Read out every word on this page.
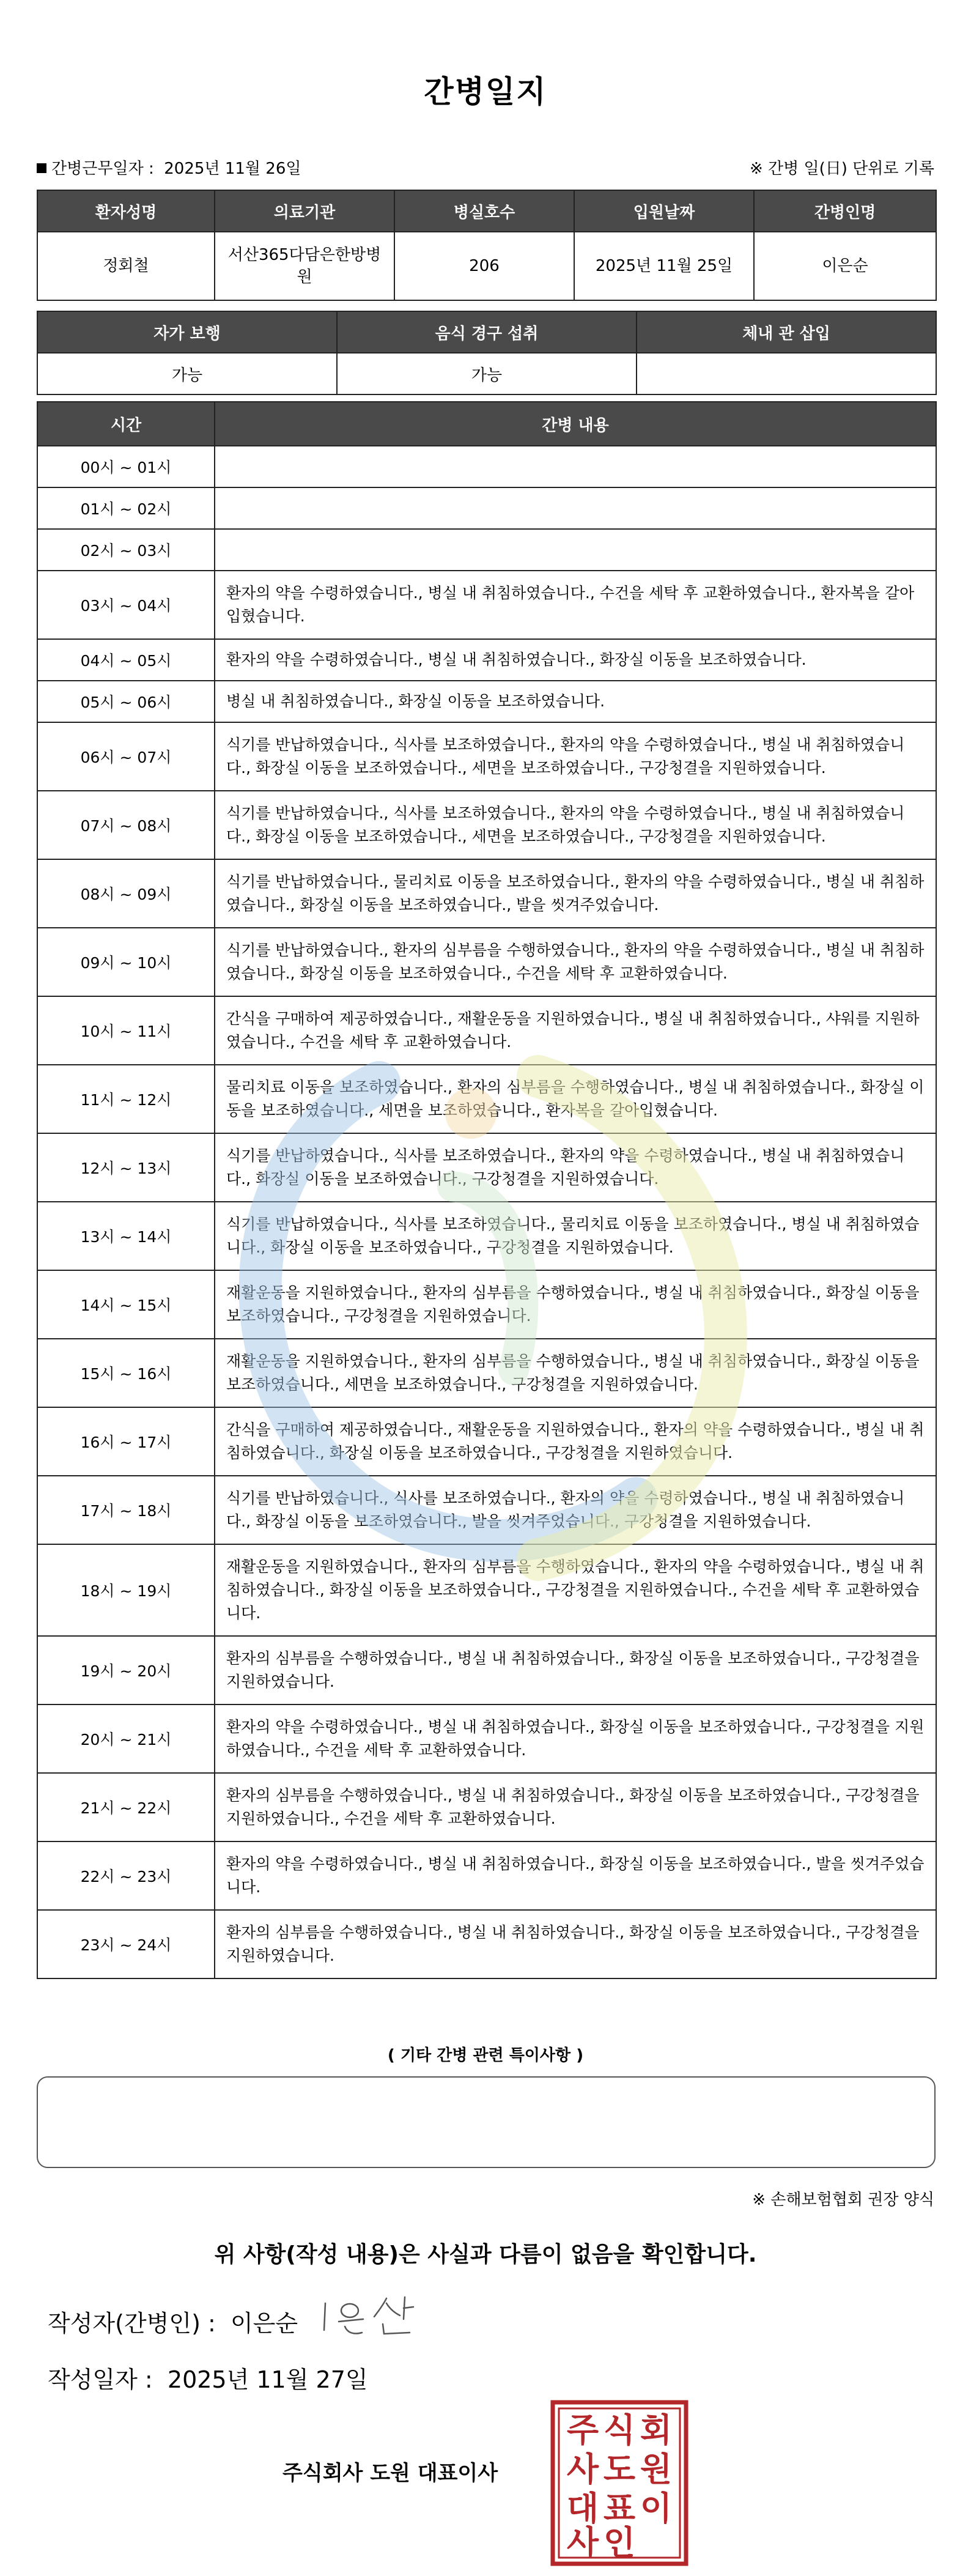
간병일지
간병근무일자 : 2025년 11월 26일	※ 간병 일(日) 단위로 기록
환자성명	의료기관	병실호수	입원날짜	간병인명
정회철	서산365다담은한방병원	206	2025년 11월 25일	이은순
자가 보행	음식 경구 섭취	체내 관 삽입
가능	가능	
시간	간병 내용
00시 ~ 01시	
01시 ~ 02시	
02시 ~ 03시	
03시 ~ 04시	환자의 약을 수령하였습니다., 병실 내 취침하였습니다., 수건을 세탁 후 교환하였습니다., 환자복을 갈아입혔습니다.
04시 ~ 05시	환자의 약을 수령하였습니다., 병실 내 취침하였습니다., 화장실 이동을 보조하였습니다.
05시 ~ 06시	병실 내 취침하였습니다., 화장실 이동을 보조하였습니다.
06시 ~ 07시	식기를 반납하였습니다., 식사를 보조하였습니다., 환자의 약을 수령하였습니다., 병실 내 취침하였습니다., 화장실 이동을 보조하였습니다., 세면을 보조하였습니다., 구강청결을 지원하였습니다.
07시 ~ 08시	식기를 반납하였습니다., 식사를 보조하였습니다., 환자의 약을 수령하였습니다., 병실 내 취침하였습니다., 화장실 이동을 보조하였습니다., 세면을 보조하였습니다., 구강청결을 지원하였습니다.
08시 ~ 09시	식기를 반납하였습니다., 물리치료 이동을 보조하였습니다., 환자의 약을 수령하였습니다., 병실 내 취침하였습니다., 화장실 이동을 보조하였습니다., 발을 씻겨주었습니다.
09시 ~ 10시	식기를 반납하였습니다., 환자의 심부름을 수행하였습니다., 환자의 약을 수령하였습니다., 병실 내 취침하였습니다., 화장실 이동을 보조하였습니다., 수건을 세탁 후 교환하였습니다.
10시 ~ 11시	간식을 구매하여 제공하였습니다., 재활운동을 지원하였습니다., 병실 내 취침하였습니다., 샤워를 지원하였습니다., 수건을 세탁 후 교환하였습니다.
11시 ~ 12시	물리치료 이동을 보조하였습니다., 환자의 심부름을 수행하였습니다., 병실 내 취침하였습니다., 화장실 이동을 보조하였습니다., 세면을 보조하였습니다., 환자복을 갈아입혔습니다.
12시 ~ 13시	식기를 반납하였습니다., 식사를 보조하였습니다., 환자의 약을 수령하였습니다., 병실 내 취침하였습니다., 화장실 이동을 보조하였습니다., 구강청결을 지원하였습니다.
13시 ~ 14시	식기를 반납하였습니다., 식사를 보조하였습니다., 물리치료 이동을 보조하였습니다., 병실 내 취침하였습니다., 화장실 이동을 보조하였습니다., 구강청결을 지원하였습니다.
14시 ~ 15시	재활운동을 지원하였습니다., 환자의 심부름을 수행하였습니다., 병실 내 취침하였습니다., 화장실 이동을 보조하였습니다., 구강청결을 지원하였습니다.
15시 ~ 16시	재활운동을 지원하였습니다., 환자의 심부름을 수행하였습니다., 병실 내 취침하였습니다., 화장실 이동을 보조하였습니다., 세면을 보조하였습니다., 구강청결을 지원하였습니다.
16시 ~ 17시	간식을 구매하여 제공하였습니다., 재활운동을 지원하였습니다., 환자의 약을 수령하였습니다., 병실 내 취침하였습니다., 화장실 이동을 보조하였습니다., 구강청결을 지원하였습니다.
17시 ~ 18시	식기를 반납하였습니다., 식사를 보조하였습니다., 환자의 약을 수령하였습니다., 병실 내 취침하였습니다., 화장실 이동을 보조하였습니다., 발을 씻겨주었습니다., 구강청결을 지원하였습니다.
18시 ~ 19시	재활운동을 지원하였습니다., 환자의 심부름을 수행하였습니다., 환자의 약을 수령하였습니다., 병실 내 취침하였습니다., 화장실 이동을 보조하였습니다., 구강청결을 지원하였습니다., 수건을 세탁 후 교환하였습니다.
19시 ~ 20시	환자의 심부름을 수행하였습니다., 병실 내 취침하였습니다., 화장실 이동을 보조하였습니다., 구강청결을 지원하였습니다.
20시 ~ 21시	환자의 약을 수령하였습니다., 병실 내 취침하였습니다., 화장실 이동을 보조하였습니다., 구강청결을 지원하였습니다., 수건을 세탁 후 교환하였습니다.
21시 ~ 22시	환자의 심부름을 수행하였습니다., 병실 내 취침하였습니다., 화장실 이동을 보조하였습니다., 구강청결을 지원하였습니다., 수건을 세탁 후 교환하였습니다.
22시 ~ 23시	환자의 약을 수령하였습니다., 병실 내 취침하였습니다., 화장실 이동을 보조하였습니다., 발을 씻겨주었습니다.
23시 ~ 24시	환자의 심부름을 수행하였습니다., 병실 내 취침하였습니다., 화장실 이동을 보조하였습니다., 구강청결을 지원하였습니다.
( 기타 간병 관련 특이사항 )
※ 손해보험협회 권장 양식
위 사항(작성 내용)은 사실과 다름이 없음을 확인합니다.
작성자(간병인) : 이은순
작성일자 : 2025년 11월 27일
주식회사 도원 대표이사
주 식 회
사 도 원
대 표 이
사 인
